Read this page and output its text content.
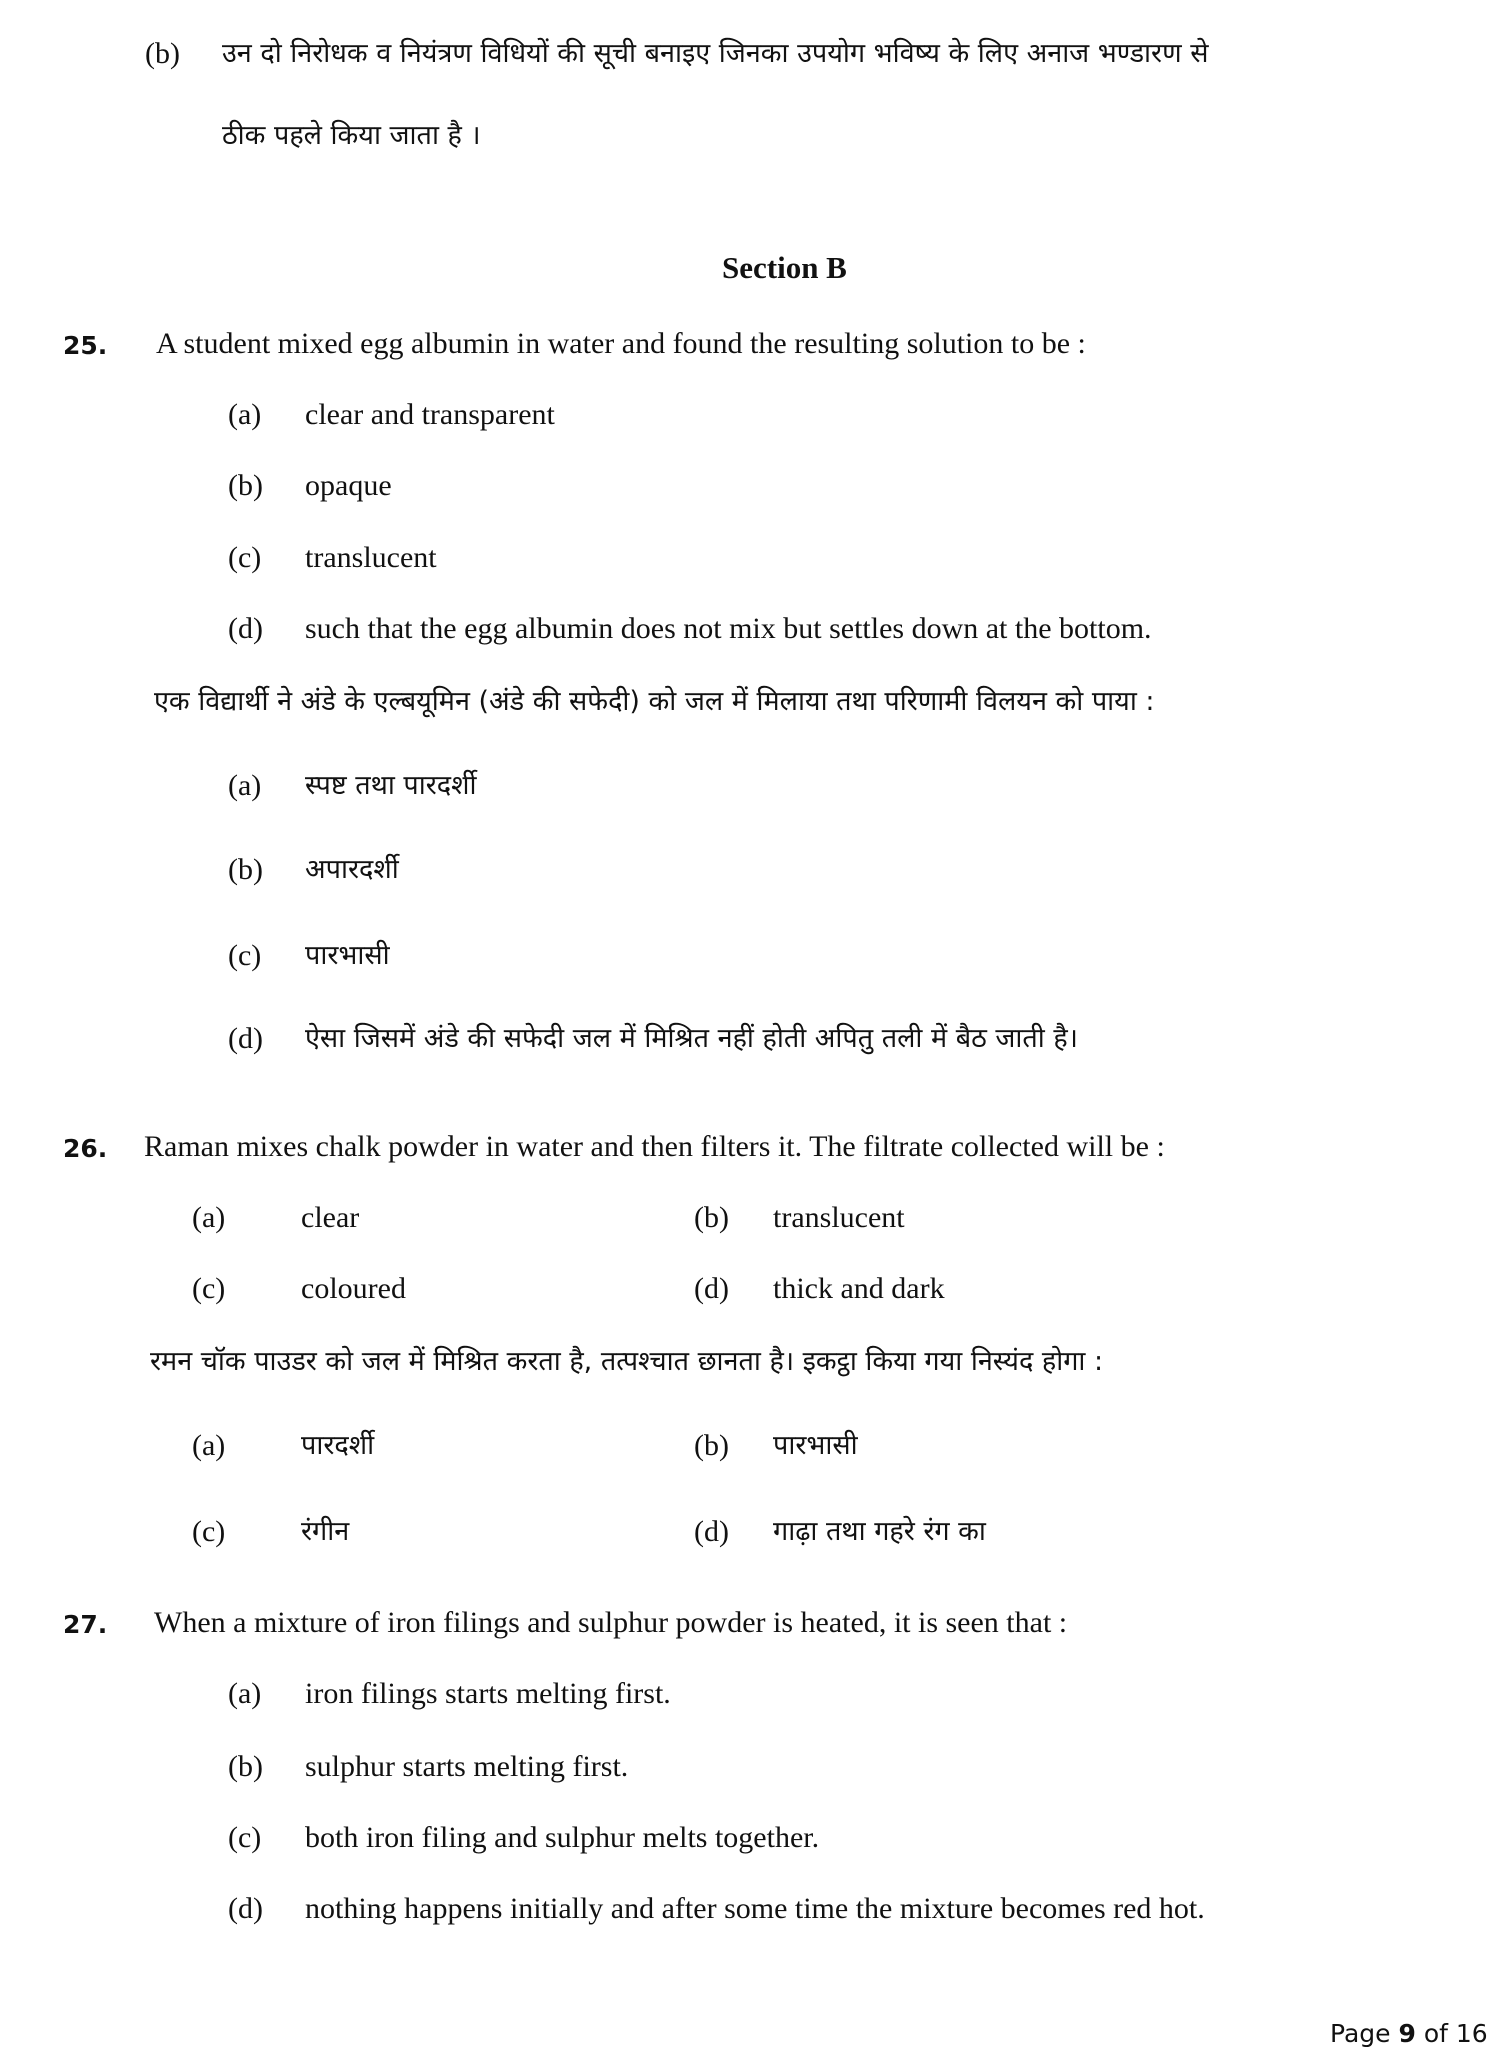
(b) उन दो निरोधक व नियंत्रण विधियों की सूची बनाइए जिनका उपयोग भविष्य के लिए अनाज भण्डारण से
ठीक पहले किया जाता है ।
Section B
25. A student mixed egg albumin in water and found the resulting solution to be :
(a) clear and transparent
(b) opaque
(c) translucent
(d) such that the egg albumin does not mix but settles down at the bottom.
एक विद्यार्थी ने अंडे के एल्बयूमिन (अंडे की सफेदी) को जल में मिलाया तथा परिणामी विलयन को पाया :
(a) स्पष्ट तथा पारदर्शी
(b) अपारदर्शी
(c) पारभासी
(d) ऐसा जिसमें अंडे की सफेदी जल में मिश्रित नहीं होती अपितु तली में बैठ जाती है।
26. Raman mixes chalk powder in water and then filters it. The filtrate collected will be :
(a)	clear	(b) translucent
(c)	coloured	(d) thick and dark
रमन चॉक पाउडर को जल में मिश्रित करता है, तत्पश्चात छानता है। इकट्ठा किया गया निस्यंद होगा :
(a)	पारदर्शी	(b) पारभासी
(c)	रंगीन	(d) गाढ़ा तथा गहरे रंग का
27. When a mixture of iron filings and sulphur powder is heated, it is seen that :
(a) iron filings starts melting first.
(b) sulphur starts melting first.
(c) both iron filing and sulphur melts together.
(d) nothing happens initially and after some time the mixture becomes red hot.
Page 9 of 16
